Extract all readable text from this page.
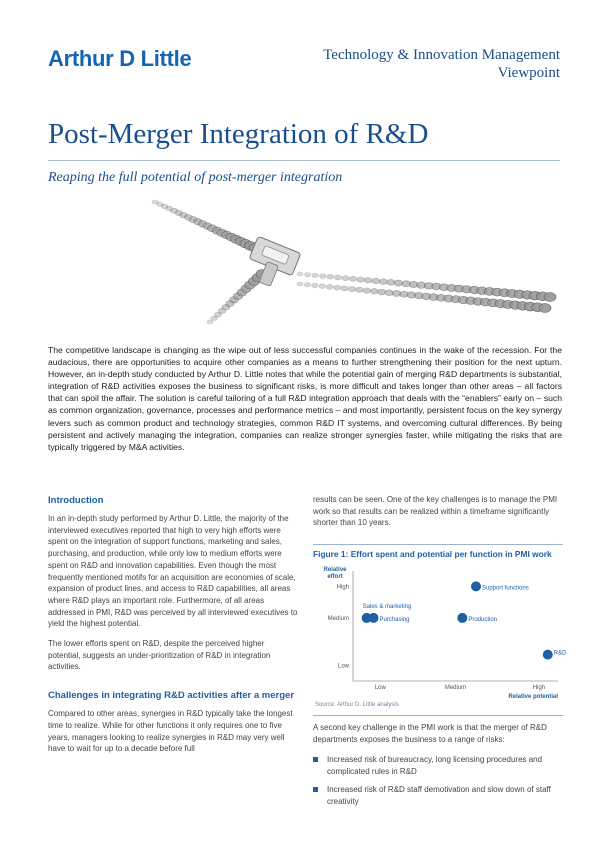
Arthur D Little	Technology & Innovation Management
Viewpoint
Post-Merger Integration of R&D
Reaping the full potential of post-merger integration
The competitive landscape is changing as the wipe out of less successful companies continues in the wake of the recession. For the audacious, there are opportunities to acquire other companies as a means to further strengthening their position for the next upturn. However, an in-depth study conducted by Arthur D. Little notes that while the potential gain of merging R&D departments is substantial, integration of R&D activities exposes the business to significant risks, is more difficult and takes longer than other areas – all factors that can spoil the affair. The solution is careful tailoring of a full R&D integration approach that deals with the “enablers” early on – such as common organization, governance, processes and performance metrics – and most importantly, persistent focus on the key synergy levers such as common product and technology strategies, common R&D IT systems, and overcoming cultural differences. By being persistent and actively managing the integration, companies can realize stronger synergies faster, while mitigating the risks that are typically triggered by M&A activities.
Introduction

In an in-depth study performed by Arthur D. Little, the majority of the interviewed executives reported that high to very high efforts were spent on the integration of support functions, marketing and sales, purchasing, and production, while only low to medium efforts were spent on R&D and innovation capabilities. Even though the most frequently mentioned motifs for an acquisition are economies of scale, expansion of product lines, and access to R&D capabilities, all areas where R&D plays an important role. Furthermore, of all areas addressed in PMI, R&D was perceived by all interviewed executives to yield the highest potential.

The lower efforts spent on R&D, despite the perceived higher potential, suggests an under-prioritization of R&D in integration activities.

Challenges in integrating R&D activities after a merger

Compared to other areas, synergies in R&D typically take the longest time to realize. While for other functions it only requires one to five years, managers looking to realize synergies in R&D may very well have to wait for up to a decade before full

results can be seen. One of the key challenges is to manage the PMI work so that results can be realized within a timeframe significantly shorter than 10 years.

Figure 1: Effort spent and potential per function in PMI work
Relative
effort
Relative potential
High
Medium
Low
Low	Medium	High
Support functions
Sales & marketing
Purchasing	Production
R&D
Source: Arthur D. Little analysis

A second key challenge in the PMI work is that the merger of R&D departments exposes the business to a range of risks:

Increased risk of bureaucracy, long licensing procedures and complicated rules in R&D
Increased risk of R&D staff demotivation and slow down of staff creativity
